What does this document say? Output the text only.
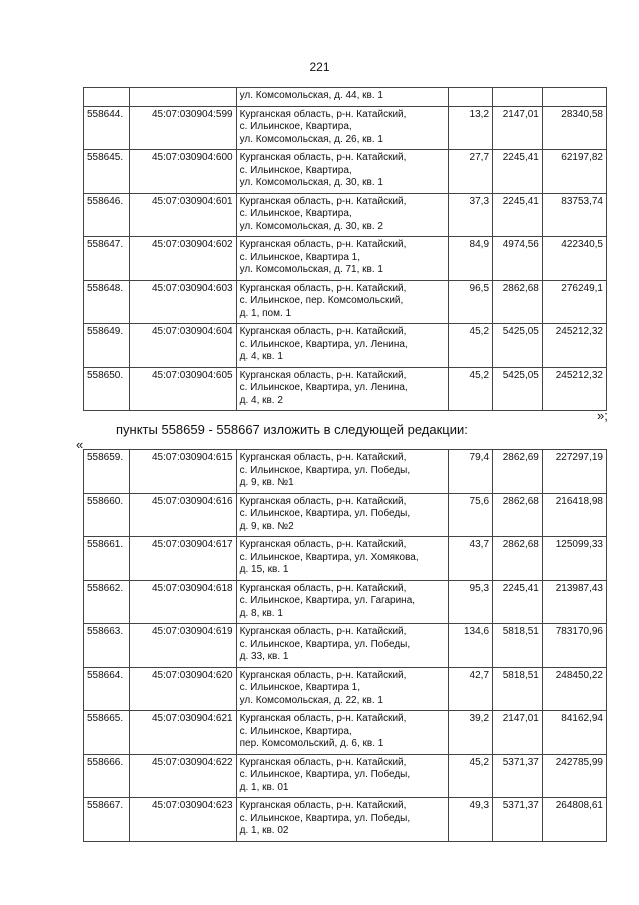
221
		ул. Комсомольская, д. 44, кв. 1			
558644.	45:07:030904:599	Курганская область, р-н. Катайский,
с. Ильинское, Квартира,
ул. Комсомольская, д. 26, кв. 1	13,2	2147,01	28340,58
558645.	45:07:030904:600	Курганская область, р-н. Катайский,
с. Ильинское, Квартира,
ул. Комсомольская, д. 30, кв. 1	27,7	2245,41	62197,82
558646.	45:07:030904:601	Курганская область, р-н. Катайский,
с. Ильинское, Квартира,
ул. Комсомольская, д. 30, кв. 2	37,3	2245,41	83753,74
558647.	45:07:030904:602	Курганская область, р-н. Катайский,
с. Ильинское, Квартира 1,
ул. Комсомольская, д. 71, кв. 1	84,9	4974,56	422340,5
558648.	45:07:030904:603	Курганская область, р-н. Катайский,
с. Ильинское, пер. Комсомольский,
д. 1, пом. 1	96,5	2862,68	276249,1
558649.	45:07:030904:604	Курганская область, р-н. Катайский,
с. Ильинское, Квартира, ул. Ленина,
д. 4, кв. 1	45,2	5425,05	245212,32
558650.	45:07:030904:605	Курганская область, р-н. Катайский,
с. Ильинское, Квартира, ул. Ленина,
д. 4, кв. 2	45,2	5425,05	245212,32
»;
пункты 558659 - 558667 изложить в следующей редакции:
«
558659.	45:07:030904:615	Курганская область, р-н. Катайский,
с. Ильинское, Квартира, ул. Победы,
д. 9, кв. №1	79,4	2862,69	227297,19
558660.	45:07:030904:616	Курганская область, р-н. Катайский,
с. Ильинское, Квартира, ул. Победы,
д. 9, кв. №2	75,6	2862,68	216418,98
558661.	45:07:030904:617	Курганская область, р-н. Катайский,
с. Ильинское, Квартира, ул. Хомякова,
д. 15, кв. 1	43,7	2862,68	125099,33
558662.	45:07:030904:618	Курганская область, р-н. Катайский,
с. Ильинское, Квартира, ул. Гагарина,
д. 8, кв. 1	95,3	2245,41	213987,43
558663.	45:07:030904:619	Курганская область, р-н. Катайский,
с. Ильинское, Квартира, ул. Победы,
д. 33, кв. 1	134,6	5818,51	783170,96
558664.	45:07:030904:620	Курганская область, р-н. Катайский,
с. Ильинское, Квартира 1,
ул. Комсомольская, д. 22, кв. 1	42,7	5818,51	248450,22
558665.	45:07:030904:621	Курганская область, р-н. Катайский,
с. Ильинское, Квартира,
пер. Комсомольский, д. 6, кв. 1	39,2	2147,01	84162,94
558666.	45:07:030904:622	Курганская область, р-н. Катайский,
с. Ильинское, Квартира, ул. Победы,
д. 1, кв. 01	45,2	5371,37	242785,99
558667.	45:07:030904:623	Курганская область, р-н. Катайский,
с. Ильинское, Квартира, ул. Победы,
д. 1, кв. 02	49,3	5371,37	264808,61
